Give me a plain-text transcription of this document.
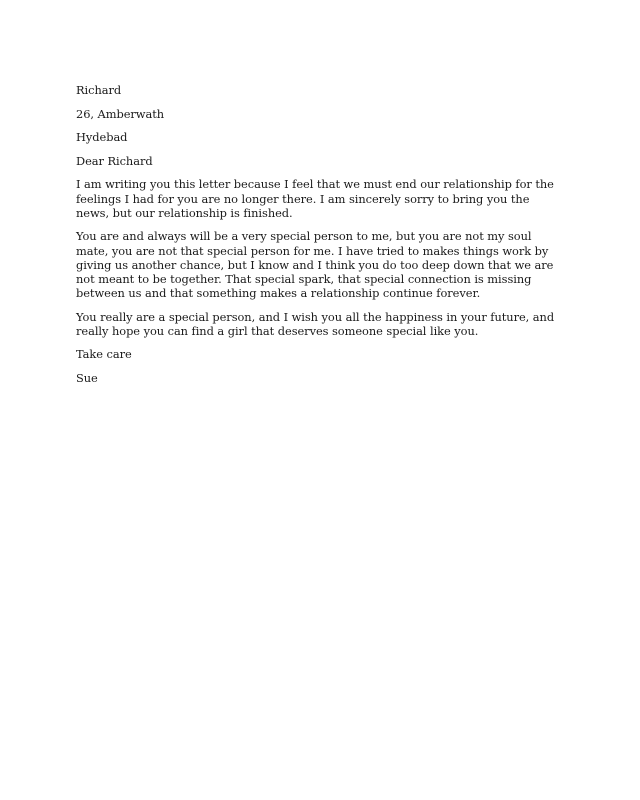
Richard

26, Amberwath

Hydebad

Dear Richard

I am writing you this letter because I feel that we must end our relationship for the feelings I had for you are no longer there. I am sincerely sorry to bring you the news, but our relationship is finished.

You are and always will be a very special person to me, but you are not my soul mate, you are not that special person for me. I have tried to makes things work by giving us another chance, but I know and I think you do too deep down that we are not meant to be together. That special spark, that special connection is missing between us and that something makes a relationship continue forever.

You really are a special person, and I wish you all the happiness in your future, and really hope you can find a girl that deserves someone special like you.

Take care

Sue
